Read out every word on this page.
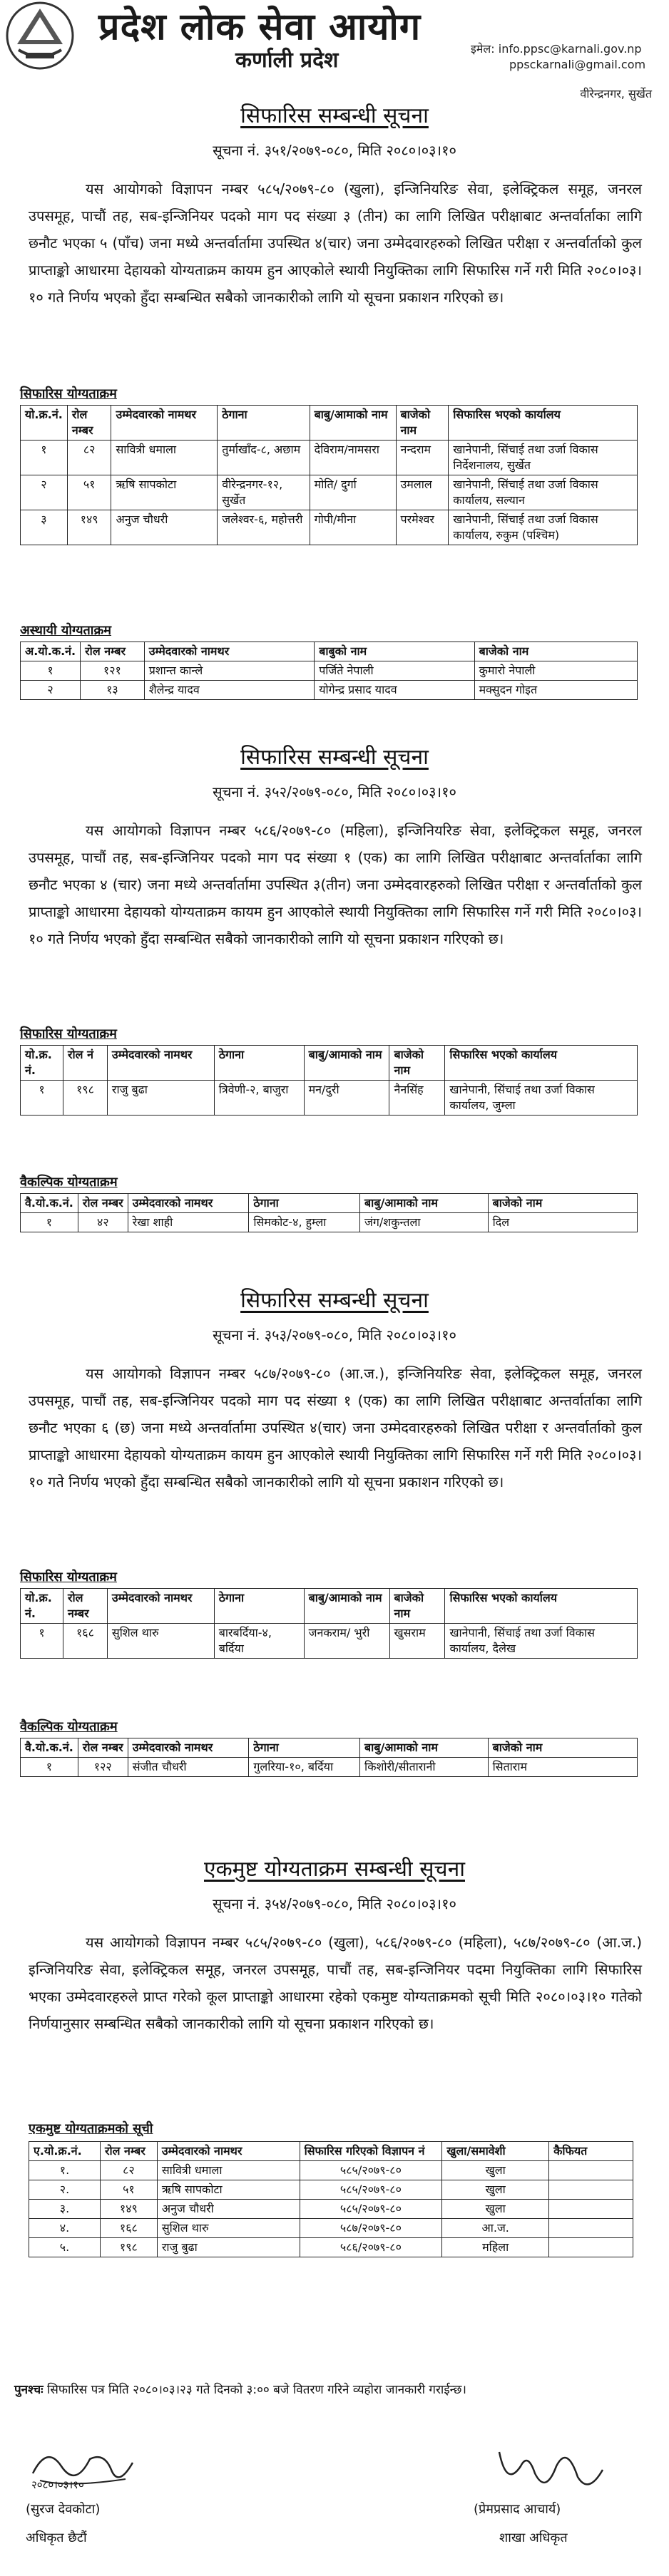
प्रदेश लोक सेवा आयोग
कर्णाली प्रदेश	इमेल: info.ppsc@karnali.gov.np
ppsckarnali@gmail.com
वीरेन्द्रनगर, सुर्खेत
सिफारिस सम्बन्धी सूचना
सूचना नं. ३५१/२०७९-०८०, मिति २०८०।०३।१०
यस आयोगको विज्ञापन नम्बर ५८५/२०७९-८० (खुला), इन्जिनियरिङ सेवा, इलेक्ट्रिकल समूह, जनरल उपसमूह, पाचौं तह, सब-इन्जिनियर पदको माग पद संख्या ३ (तीन) का लागि लिखित परीक्षाबाट अन्तर्वार्ताका लागि छनौट भएका ५ (पाँच) जना मध्ये अन्तर्वार्तामा उपस्थित ४(चार) जना उम्मेदवारहरुको लिखित परीक्षा र अन्तर्वार्ताको कुल प्राप्ताङ्को आधारमा देहायको योग्यताक्रम कायम हुन आएकोले स्थायी नियुक्तिका लागि सिफारिस गर्ने गरी मिति २०८०।०३।१० गते निर्णय भएको हुँदा सम्बन्धित सबैको जानकारीको लागि यो सूचना प्रकाशन गरिएको छ।
सिफारिस योग्यताक्रम
यो.क्र.नं.	रोल नम्बर	उम्मेदवारको नामथर	ठेगाना	बाबु/आमाको नाम	बाजेको नाम	सिफारिस भएको कार्यालय
१	८२	सावित्री धमाला	तुर्माखाँद-८, अछाम	देविराम/नामसरा	नन्दराम	खानेपानी, सिंचाई तथा उर्जा विकास निर्देशनालय, सुर्खेत
२	५१	ऋषि सापकोटा	वीरेन्द्रनगर-१२, सुर्खेत	मोति/ दुर्गा	उमलाल	खानेपानी, सिंचाई तथा उर्जा विकास कार्यालय, सल्यान
३	१४९	अनुज चौधरी	जलेश्वर-६, महोत्तरी	गोपी/मीना	परमेश्वर	खानेपानी, सिंचाई तथा उर्जा विकास कार्यालय, रुकुम (पश्चिम)
अस्थायी योग्यताक्रम
अ.यो.क.नं.	रोल नम्बर	उम्मेदवारको नामथर	बाबुको नाम	बाजेको नाम
१	१२१	प्रशान्त कान्ले	पर्जिते नेपाली	कुमारो नेपाली
२	१३	शैलेन्द्र यादव	योगेन्द्र प्रसाद यादव	मक्सुदन गोइत
सिफारिस सम्बन्धी सूचना
सूचना नं. ३५२/२०७९-०८०, मिति २०८०।०३।१०
यस आयोगको विज्ञापन नम्बर ५८६/२०७९-८० (महिला), इन्जिनियरिङ सेवा, इलेक्ट्रिकल समूह, जनरल उपसमूह, पाचौं तह, सब-इन्जिनियर पदको माग पद संख्या १ (एक) का लागि लिखित परीक्षाबाट अन्तर्वार्ताका लागि छनौट भएका ४ (चार) जना मध्ये अन्तर्वार्तामा उपस्थित ३(तीन) जना उम्मेदवारहरुको लिखित परीक्षा र अन्तर्वार्ताको कुल प्राप्ताङ्को आधारमा देहायको योग्यताक्रम कायम हुन आएकोले स्थायी नियुक्तिका लागि सिफारिस गर्ने गरी मिति २०८०।०३।१० गते निर्णय भएको हुँदा सम्बन्धित सबैको जानकारीको लागि यो सूचना प्रकाशन गरिएको छ।
सिफारिस योग्यताक्रम
यो.क्र. नं.	रोल नं	उम्मेदवारको नामथर	ठेगाना	बाबु/आमाको नाम	बाजेको नाम	सिफारिस भएको कार्यालय
१	१९८	राजु बुढा	त्रिवेणी-२, बाजुरा	मन/दुरी	नैनसिंह	खानेपानी, सिंचाई तथा उर्जा विकास कार्यालय, जुम्ला
वैकल्पिक योग्यताक्रम
वै.यो.क.नं.	रोल नम्बर	उम्मेदवारको नामथर	ठेगाना	बाबु/आमाको नाम	बाजेको नाम
१	४२	रेखा शाही	सिमकोट-४, हुम्ला	जंग/शकुन्तला	दिल
सिफारिस सम्बन्धी सूचना
सूचना नं. ३५३/२०७९-०८०, मिति २०८०।०३।१०
यस आयोगको विज्ञापन नम्बर ५८७/२०७९-८० (आ.ज.), इन्जिनियरिङ सेवा, इलेक्ट्रिकल समूह, जनरल उपसमूह, पाचौं तह, सब-इन्जिनियर पदको माग पद संख्या १ (एक) का लागि लिखित परीक्षाबाट अन्तर्वार्ताका लागि छनौट भएका ६ (छ) जना मध्ये अन्तर्वार्तामा उपस्थित ४(चार) जना उम्मेदवारहरुको लिखित परीक्षा र अन्तर्वार्ताको कुल प्राप्ताङ्को आधारमा देहायको योग्यताक्रम कायम हुन आएकोले स्थायी नियुक्तिका लागि सिफारिस गर्ने गरी मिति २०८०।०३।१० गते निर्णय भएको हुँदा सम्बन्धित सबैको जानकारीको लागि यो सूचना प्रकाशन गरिएको छ।
सिफारिस योग्यताक्रम
यो.क्र. नं.	रोल नम्बर	उम्मेदवारको नामथर	ठेगाना	बाबु/आमाको नाम	बाजेको नाम	सिफारिस भएको कार्यालय
१	१६८	सुशिल थारु	बारबर्दिया-४, बर्दिया	जनकराम/ भुरी	खुसराम	खानेपानी, सिंचाई तथा उर्जा विकास कार्यालय, दैलेख
वैकल्पिक योग्यताक्रम
वै.यो.क.नं.	रोल नम्बर	उम्मेदवारको नामथर	ठेगाना	बाबु/आमाको नाम	बाजेको नाम
१	१२२	संजीत चौधरी	गुलरिया-१०, बर्दिया	किशोरी/सीतारानी	सिताराम
एकमुष्ट योग्यताक्रम सम्बन्धी सूचना
सूचना नं. ३५४/२०७९-०८०, मिति २०८०।०३।१०
यस आयोगको विज्ञापन नम्बर ५८५/२०७९-८० (खुला), ५८६/२०७९-८० (महिला), ५८७/२०७९-८० (आ.ज.) इन्जिनियरिङ सेवा, इलेक्ट्रिकल समूह, जनरल उपसमूह, पाचौं तह, सब-इन्जिनियर पदमा नियुक्तिका लागि सिफारिस भएका उम्मेदवारहरुले प्राप्त गरेको कूल प्राप्ताङ्को आधारमा रहेको एकमुष्ट योग्यताक्रमको सूची मिति २०८०।०३।१० गतेको निर्णयानुसार सम्बन्धित सबैको जानकारीको लागि यो सूचना प्रकाशन गरिएको छ।
एकमुष्ट योग्यताक्रमको सूची
ए.यो.क्र.नं.	रोल नम्बर	उम्मेदवारको नामथर	सिफारिस गरिएको विज्ञापन नं	खुला/समावेशी	कैफियत
१.	८२	सावित्री धमाला	५८५/२०७९-८०	खुला	
२.	५१	ऋषि सापकोटा	५८५/२०७९-८०	खुला	
३.	१४९	अनुज चौधरी	५८५/२०७९-८०	खुला	
४.	१६८	सुशिल थारु	५८७/२०७९-८०	आ.ज.	
५.	१९८	राजु बुढा	५८६/२०७९-८०	महिला	
पुनश्चः सिफारिस पत्र मिति २०८०।०३।२३ गते दिनको ३:०० बजे वितरण गरिने व्यहोरा जानकारी गराईन्छ।
२०८०।०३।१०
(सुरज देवकोटा)
अधिकृत छैटौं
(प्रेमप्रसाद आचार्य)
शाखा अधिकृत
